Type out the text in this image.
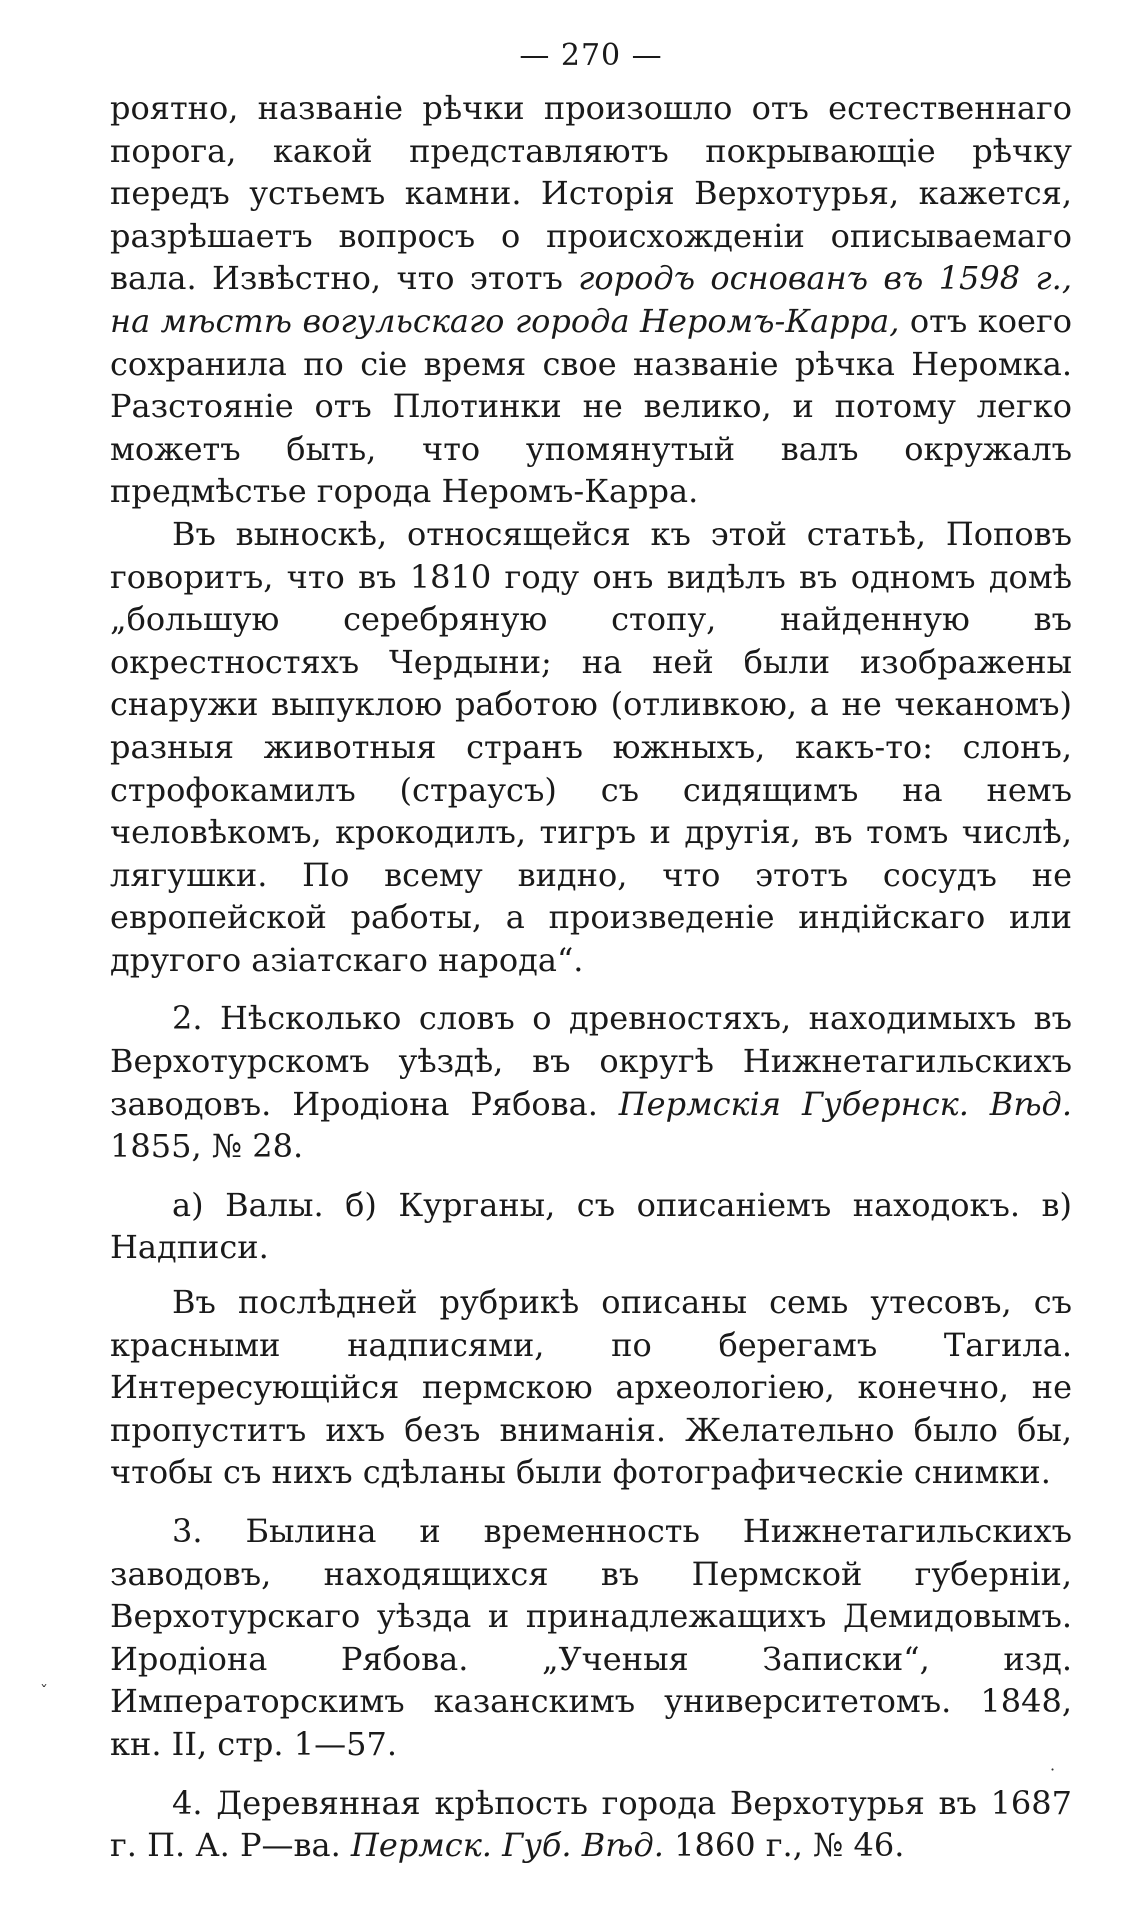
— 270 —

роятно, названіе рѣчки произошло отъ естественнаго порога, какой представляютъ покрывающіе рѣчку передъ устьемъ камни. Исторія Верхотурья, кажется, разрѣшаетъ вопросъ о происхожденіи описываемаго вала. Извѣстно, что этотъ городъ основанъ въ 1598 г., на мѣстѣ вогульскаго города Неромъ-Карра, отъ коего сохранила по сіе время свое названіе рѣчка Неромка. Разстояніе отъ Плотинки не велико, и потому легко можетъ быть, что упомянутый валъ окружалъ предмѣстье города Неромъ-Карра.

Въ выноскѣ, относящейся къ этой статьѣ, Поповъ говоритъ, что въ 1810 году онъ видѣлъ въ одномъ домѣ „большую серебряную стопу, найденную въ окрестностяхъ Чердыни; на ней были изображены снаружи выпуклою работою (отливкою, а не чеканомъ) разныя животныя странъ южныхъ, какъ-то: слонъ, строфокамилъ (страусъ) съ сидящимъ на немъ человѣкомъ, крокодилъ, тигръ и другія, въ томъ числѣ, лягушки. По всему видно, что этотъ сосудъ не европейской работы, а произведеніе индійскаго или другого азіатскаго народа“.

2. Нѣсколько словъ о древностяхъ, находимыхъ въ Верхотурскомъ уѣздѣ, въ округѣ Нижнетагильскихъ заводовъ. Иродіона Рябова. Пермскія Губернск. Вѣд. 1855, № 28.

а) Валы. б) Курганы, съ описаніемъ находокъ. в) Надписи.

Въ послѣдней рубрикѣ описаны семь утесовъ, съ красными надписями, по берегамъ Тагила. Интересующійся пермскою археологіею, конечно, не пропуститъ ихъ безъ вниманія. Желательно было бы, чтобы съ нихъ сдѣланы были фотографическіе снимки.

3. Былина и временность Нижнетагильскихъ заводовъ, находящихся въ Пермской губерніи, Верхотурскаго уѣзда и принадлежащихъ Демидовымъ. Иродіона Рябова. „Ученыя Записки“, изд. Императорскимъ казанскимъ университетомъ. 1848, кн. II, стр. 1—57.

4. Деревянная крѣпость города Верхотурья въ 1687 г. П. А. Р—ва. Пермск. Губ. Вѣд. 1860 г., № 46.

ˇ
·
